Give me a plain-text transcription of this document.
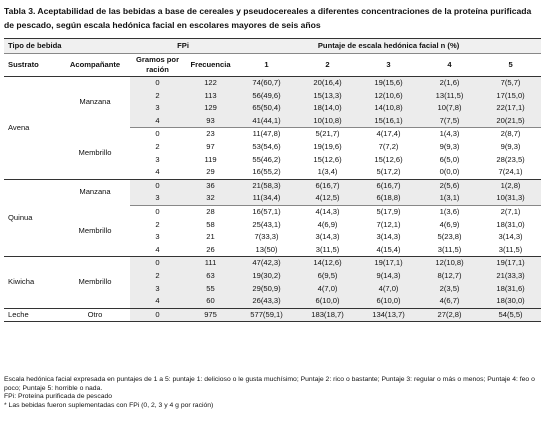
Tabla 3. Aceptabilidad de las bebidas a base de cereales y pseudocereales a diferentes concentraciones de la proteína purificada de pescado, según escala hedónica facial en escolares mayores de seis años
Tipo de bebida		FPi		Puntaje de escala hedónica facial n (%)				
Sustrato	Acompañante	Gramos por ración	Frecuencia	1	2	3	4	5
Avena	Manzana	0	122	74(60,7)	20(16,4)	19(15,6)	2(1,6)	7(5,7)
		2	113	56(49,6)	15(13,3)	12(10,6)	13(11,5)	17(15,0)
		3	129	65(50,4)	18(14,0)	14(10,8)	10(7,8)	22(17,1)
		4	93	41(44,1)	10(10,8)	15(16,1)	7(7,5)	20(21,5)
	Membrillo	0	23	11(47,8)	5(21,7)	4(17,4)	1(4,3)	2(8,7)
		2	97	53(54,6)	19(19,6)	7(7,2)	9(9,3)	9(9,3)
		3	119	55(46,2)	15(12,6)	15(12,6)	6(5,0)	28(23,5)
		4	29	16(55,2)	1(3,4)	5(17,2)	0(0,0)	7(24,1)
Quinua	Manzana	0	36	21(58,3)	6(16,7)	6(16,7)	2(5,6)	1(2,8)
		3	32	11(34,4)	4(12,5)	6(18,8)	1(3,1)	10(31,3)
	Membrillo	0	28	16(57,1)	4(14,3)	5(17,9)	1(3,6)	2(7,1)
		2	58	25(43,1)	4(6,9)	7(12,1)	4(6,9)	18(31,0)
		3	21	7(33,3)	3(14,3)	3(14,3)	5(23,8)	3(14,3)
		4	26	13(50)	3(11,5)	4(15,4)	3(11,5)	3(11,5)
Kiwicha	Membrillo	0	111	47(42,3)	14(12,6)	19(17,1)	12(10,8)	19(17,1)
		2	63	19(30,2)	6(9,5)	9(14,3)	8(12,7)	21(33,3)
		3	55	29(50,9)	4(7,0)	4(7,0)	2(3,5)	18(31,6)
		4	60	26(43,3)	6(10,0)	6(10,0)	4(6,7)	18(30,0)
Leche	Otro	0	975	577(59,1)	183(18,7)	134(13,7)	27(2,8)	54(5,5)
Escala hedónica facial expresada en puntajes de 1 a 5: puntaje 1: delicioso o le gusta muchísimo; Puntaje 2: rico o bastante; Puntaje 3: regular o más o menos; Puntaje 4: feo o poco; Puntaje 5: horrible o nada.
FPi: Proteína purificada de pescado
* Las bebidas fueron suplementadas con FPi (0, 2, 3 y 4 g por ración)
